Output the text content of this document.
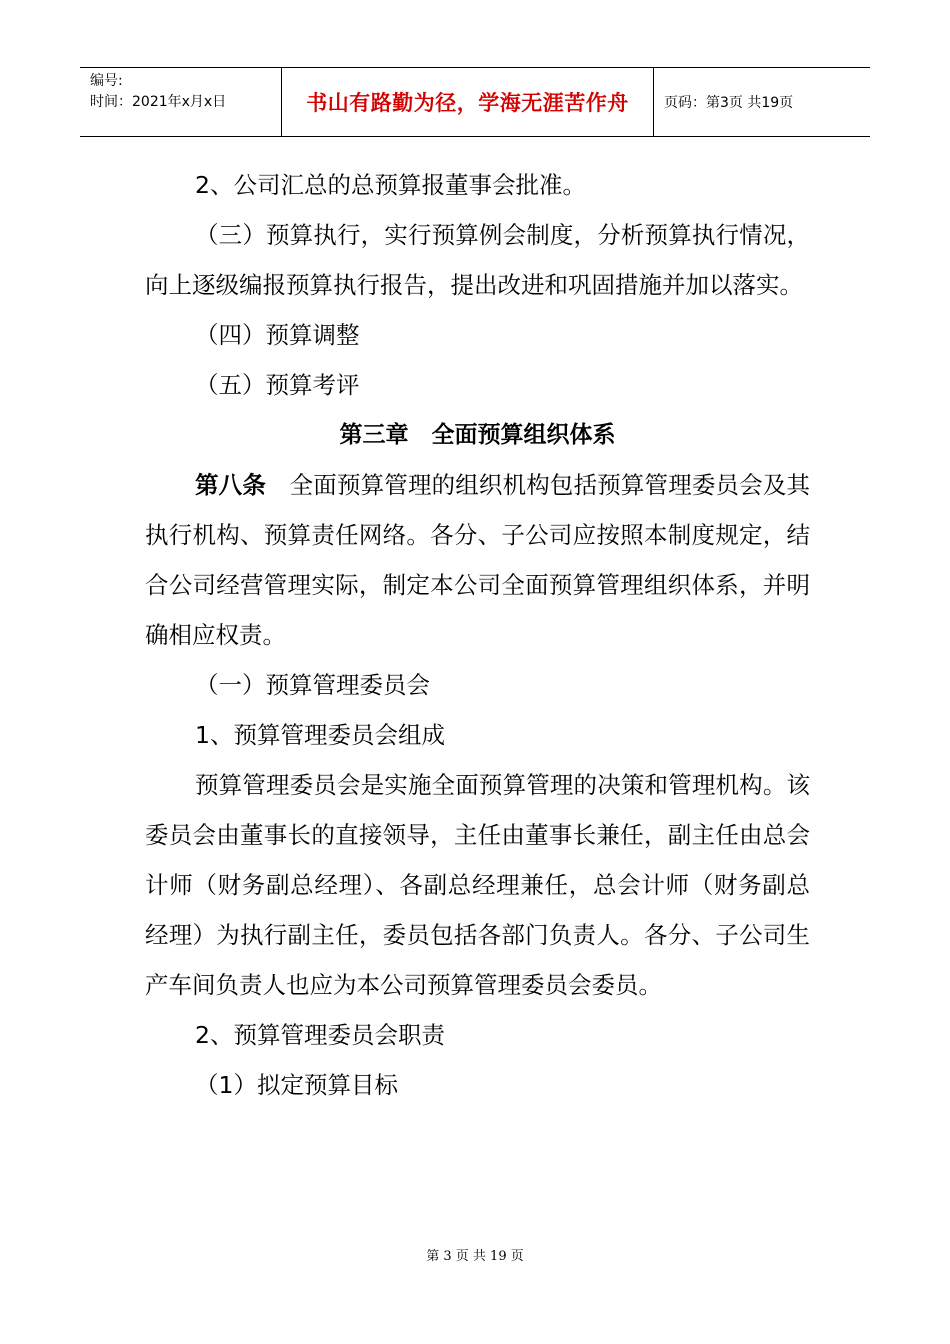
编号:
时间：2021年x月x日	书山有路勤为径，学海无涯苦作舟	页码：第3页 共19页

2、公司汇总的总预算报董事会批准。

（三）预算执行，实行预算例会制度，分析预算执行情况，向上逐级编报预算执行报告，提出改进和巩固措施并加以落实。

（四）预算调整

（五）预算考评

第三章　全面预算组织体系

第八条　全面预算管理的组织机构包括预算管理委员会及其执行机构、预算责任网络。各分、子公司应按照本制度规定，结合公司经营管理实际，制定本公司全面预算管理组织体系，并明确相应权责。

（一）预算管理委员会

1、预算管理委员会组成

预算管理委员会是实施全面预算管理的决策和管理机构。该委员会由董事长的直接领导，主任由董事长兼任，副主任由总会计师（财务副总经理）、各副总经理兼任，总会计师（财务副总经理）为执行副主任，委员包括各部门负责人。各分、子公司生产车间负责人也应为本公司预算管理委员会委员。

2、预算管理委员会职责

（1）拟定预算目标

第 3 页 共 19 页
